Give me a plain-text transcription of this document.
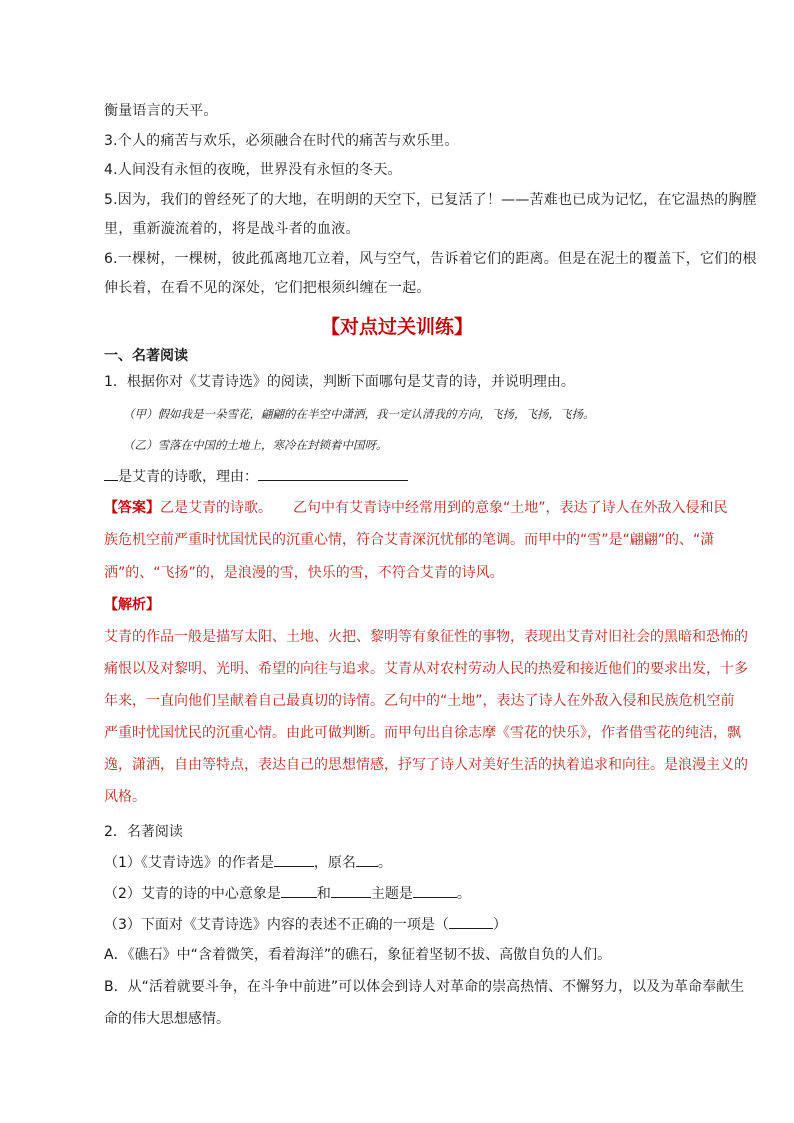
衡量语言的天平。
3.个人的痛苦与欢乐，必须融合在时代的痛苦与欢乐里。
4.人间没有永恒的夜晚，世界没有永恒的冬天。
5.因为，我们的曾经死了的大地，在明朗的天空下，已复活了！——苦难也已成为记忆，在它温热的胸膛
里，重新漩流着的，将是战斗者的血液。
6.一棵树，一棵树，彼此孤离地兀立着，风与空气，告诉着它们的距离。但是在泥土的覆盖下，它们的根
伸长着，在看不见的深处，它们把根须纠缠在一起。
【对点过关训练】
一、名著阅读
1．根据你对《艾青诗选》的阅读，判断下面哪句是艾青的诗，并说明理由。
（甲）假如我是一朵雪花，翩翩的在半空中潇洒，我一定认清我的方向，飞扬，飞扬，飞扬。
（乙）雪落在中国的土地上，寒冷在封锁着中国呀。
是艾青的诗歌，理由：
【答案】乙是艾青的诗歌。　　乙句中有艾青诗中经常用到的意象“土地”，表达了诗人在外敌入侵和民
族危机空前严重时忧国忧民的沉重心情，符合艾青深沉忧郁的笔调。而甲中的“雪”是“翩翩”的、“潇
洒”的、“飞扬”的，是浪漫的雪，快乐的雪，不符合艾青的诗风。
【解析】
艾青的作品一般是描写太阳、土地、火把、黎明等有象征性的事物，表现出艾青对旧社会的黑暗和恐怖的
痛恨以及对黎明、光明、希望的向往与追求。艾青从对农村劳动人民的热爱和接近他们的要求出发，十多
年来，一直向他们呈献着自己最真切的诗情。乙句中的“土地”，表达了诗人在外敌入侵和民族危机空前
严重时忧国忧民的沉重心情。由此可做判断。而甲句出自徐志摩《雪花的快乐》，作者借雪花的纯洁，飘
逸，潇洒，自由等特点，表达自己的思想情感，抒写了诗人对美好生活的执着追求和向往。是浪漫主义的
风格。
2．名著阅读
（1）《艾青诗选》的作者是	，原名 。
（2）艾青的诗的中心意象是	和	主题是	。
（3）下面对《艾青诗选》内容的表述不正确的一项是（	）
A．《礁石》中“含着微笑，看着海洋”的礁石，象征着坚韧不拔、高傲自负的人们。
B．从“活着就要斗争，在斗争中前进”可以体会到诗人对革命的崇高热情、不懈努力，以及为革命奉献生
命的伟大思想感情。
